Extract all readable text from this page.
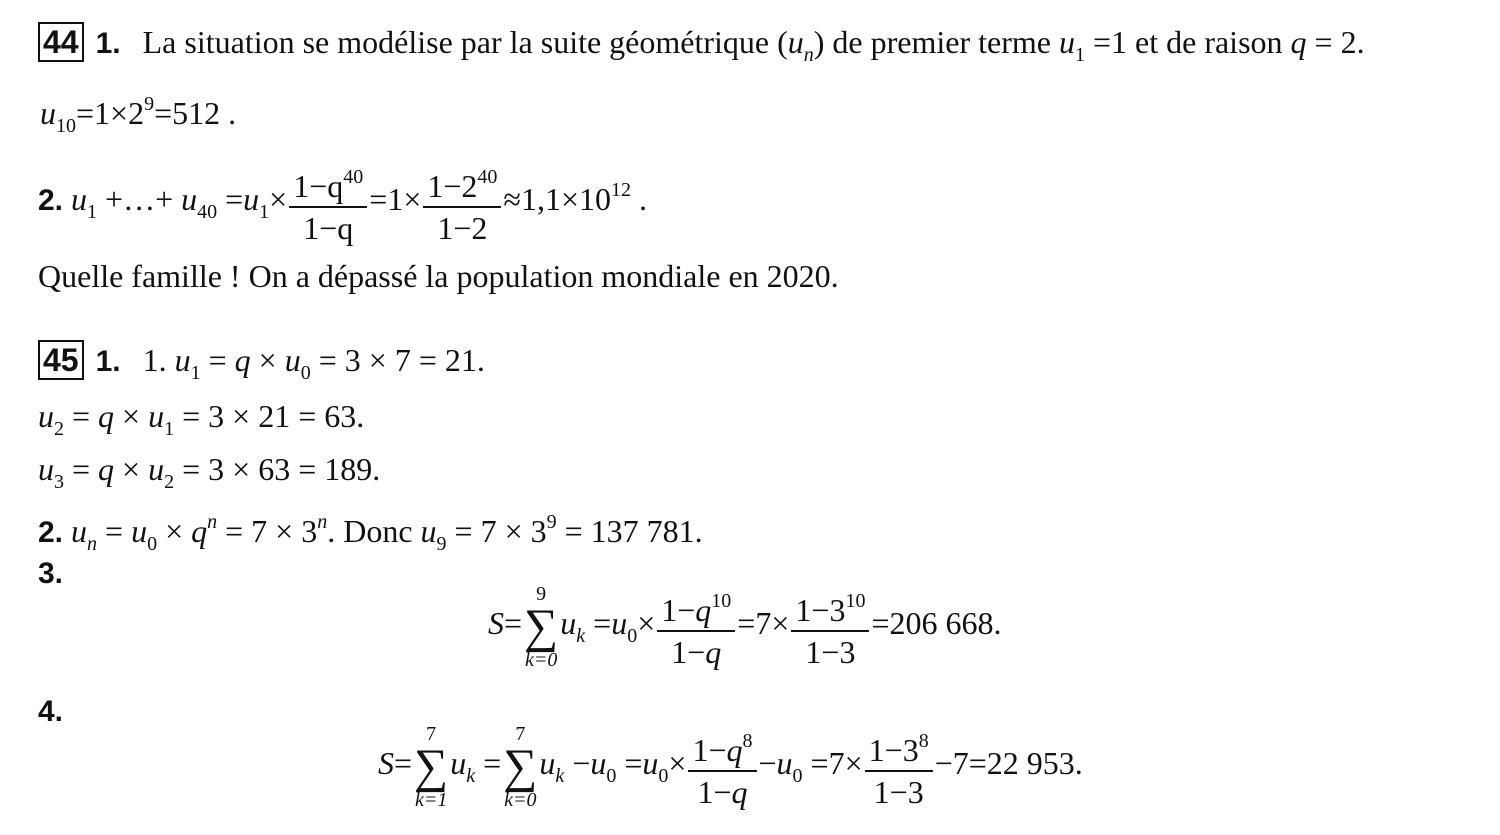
44 1. La situation se modélise par la suite géométrique $(u_n)$ de premier terme $u_1 =1$ et de raison q = 2.
$u_{10}=1\times 2^9=512$ .
2. $u_1$ +…+ $u_{40} =u_1\times \frac{1-q^{40}}{1-q} =1\times \frac{1-2^{40}}{1-2} \approx 1,1\times 10^{12}$ .
Quelle famille ! On a dépassé la population mondiale en 2020.
45 1. 1. $u_1 = q \times u_0 = 3 \times 7 = 21$.
$u_2 = q \times u_1 = 3 \times 21 = 63$.
$u_3 = q \times u_2 = 3 \times 63 = 189$.
2. $u_n = u_0 \times q^n = 7 \times 3^n$. Donc $u_9 = 7 \times 3^9 = 137$ 781.
3.
S=
9
∑
k=0
$u_k =u_0\times \frac{1-q^{10}}{1-q} =7\times \frac{1-3^{10}}{1-3} =206$ 668.
4.
S=
7
∑
k=1
$u_k$ =
7
∑
k=0
$u_k -u_0 =u_0\times \frac{1-q^8}{1-q} -u_0 =7\times \frac{1-3^8}{1-3} -7=22$ 953.
